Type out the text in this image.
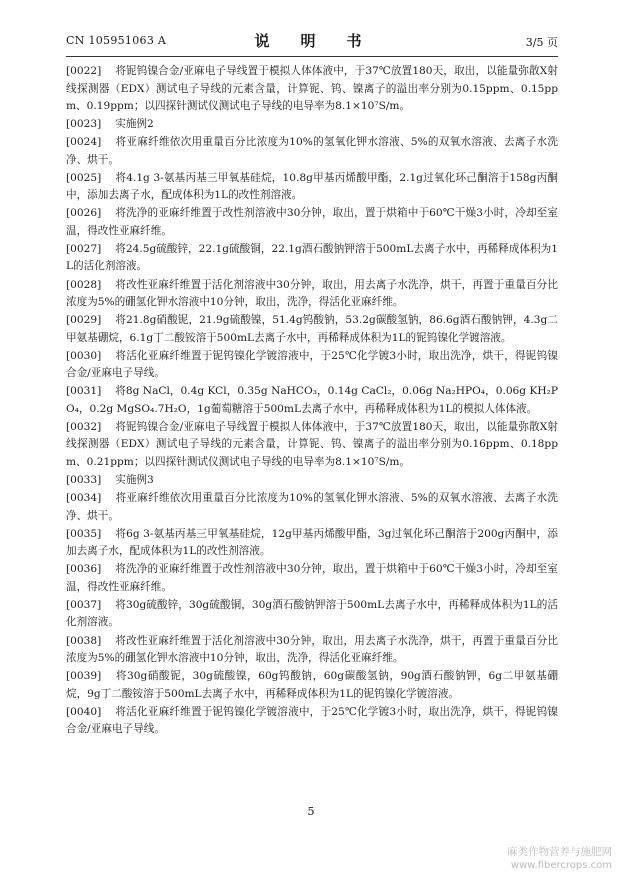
CN 105951063 A	说　明　书	3/5 页

[0022] 将铌钨镍合金/亚麻电子导线置于模拟人体体液中，于37℃放置180天，取出，以能量弥散X射线探测器（EDX）测试电子导线的元素含量，计算铌、钨、镍离子的溢出率分别为0.15ppm、0.15ppm、0.19ppm；以四探针测试仪测试电子导线的电导率为8.1×10⁷S/m。

[0023] 实施例2

[0024] 将亚麻纤维依次用重量百分比浓度为10%的氢氧化钾水溶液、5%的双氧水溶液、去离子水洗净、烘干。

[0025] 将4.1g 3-氨基丙基三甲氧基硅烷，10.8g甲基丙烯酸甲酯，2.1g过氧化环己酮溶于158g丙酮中，添加去离子水，配成体积为1L的改性剂溶液。

[0026] 将洗净的亚麻纤维置于改性剂溶液中30分钟，取出，置于烘箱中于60℃干燥3小时，冷却至室温，得改性亚麻纤维。

[0027] 将24.5g硫酸锌，22.1g硫酸铜，22.1g酒石酸钠钾溶于500mL去离子水中，再稀释成体积为1L的活化剂溶液。

[0028] 将改性亚麻纤维置于活化剂溶液中30分钟，取出，用去离子水洗净，烘干，再置于重量百分比浓度为5%的硼氢化钾水溶液中10分钟，取出，洗净，得活化亚麻纤维。

[0029] 将21.8g硝酸铌，21.9g硫酸镍，51.4g钨酸钠，53.2g碳酸氢钠，86.6g酒石酸钠钾，4.3g二甲氨基硼烷，6.1g丁二酸铵溶于500mL去离子水中，再稀释成体积为1L的铌钨镍化学镀溶液。

[0030] 将活化亚麻纤维置于铌钨镍化学镀溶液中，于25℃化学镀3小时，取出洗净，烘干，得铌钨镍合金/亚麻电子导线。

[0031] 将8g NaCl，0.4g KCl，0.35g NaHCO₃，0.14g CaCl₂，0.06g Na₂HPO₄，0.06g KH₂PO₄，0.2g MgSO₄.7H₂O，1g葡萄糖溶于500mL去离子水中，再稀释成体积为1L的模拟人体体液。

[0032] 将铌钨镍合金/亚麻电子导线置于模拟人体体液中，于37℃放置180天，取出，以能量弥散X射线探测器（EDX）测试电子导线的元素含量，计算铌、钨、镍离子的溢出率分别为0.16ppm、0.18ppm、0.21ppm；以四探针测试仪测试电子导线的电导率为8.1×10⁷S/m。

[0033] 实施例3

[0034] 将亚麻纤维依次用重量百分比浓度为10%的氢氧化钾水溶液、5%的双氧水溶液、去离子水洗净、烘干。

[0035] 将6g 3-氨基丙基三甲氧基硅烷，12g甲基丙烯酸甲酯，3g过氧化环己酮溶于200g丙酮中，添加去离子水，配成体积为1L的改性剂溶液。

[0036] 将洗净的亚麻纤维置于改性剂溶液中30分钟，取出，置于烘箱中于60℃干燥3小时，冷却至室温，得改性亚麻纤维。

[0037] 将30g硫酸锌，30g硫酸铜，30g酒石酸钠钾溶于500mL去离子水中，再稀释成体积为1L的活化剂溶液。

[0038] 将改性亚麻纤维置于活化剂溶液中30分钟，取出，用去离子水洗净，烘干，再置于重量百分比浓度为5%的硼氢化钾水溶液中10分钟，取出，洗净，得活化亚麻纤维。

[0039] 将30g硝酸铌，30g硫酸镍，60g钨酸钠，60g碳酸氢钠，90g酒石酸钠钾，6g二甲氨基硼烷，9g丁二酸铵溶于500mL去离子水中，再稀释成体积为1L的铌钨镍化学镀溶液。

[0040] 将活化亚麻纤维置于铌钨镍化学镀溶液中，于25℃化学镀3小时，取出洗净，烘干，得铌钨镍合金/亚麻电子导线。

5
麻类作物营养与施肥网
www.fibercrops.com
